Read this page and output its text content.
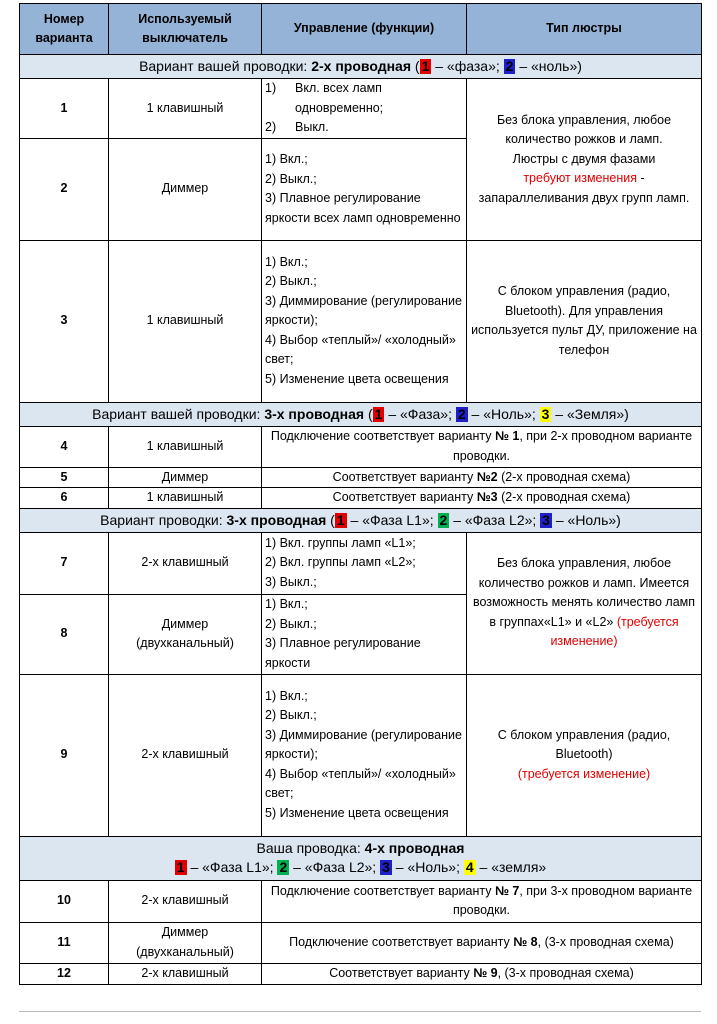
Номер варианта	Используемый выключатель	Управление (функции)	Тип люстры
Вариант вашей проводки: 2-х проводная ( 1 – «фаза»; 2 – «ноль»)			
1	1 клавишный	1) Вкл. всех ламп одновременно;
2) Выкл.	Без блока управления, любое количество рожков и ламп.
Люстры с двумя фазами
требуют изменения - запараллеливания двух групп ламп.
2	Диммер	1) Вкл.;
2) Выкл.;
3) Плавное регулирование яркости всех ламп одновременно	

3	1 клавишный	1) Вкл.;
2) Выкл.;
3) Диммирование (регулирование яркости);
4) Выбор «теплый»/ «холодный» свет;
5) Изменение цвета освещения	С блоком управления (радио, Bluetooth). Для управления используется пульт ДУ, приложение на телефон
Вариант вашей проводки: 3-х проводная ( 1 – «Фаза»; 2 – «Ноль»; 3 – «Земля»)			
4	1 клавишный	Подключение соответствует варианту № 1, при 2-х проводном варианте проводки.	
5	Диммер	Соответствует варианту №2 (2-х проводная схема)	
6	1 клавишный	Соответствует варианту №3 (2-х проводная схема)	
Вариант проводки: 3-х проводная ( 1 – «Фаза L1»; 2 – «Фаза L2»; 3 – «Ноль»)			
7	2-х клавишный	1) Вкл. группы ламп «L1»;
2) Вкл. группы ламп «L2»;
3) Выкл.;	Без блока управления, любое количество рожков и ламп. Имеется возможность менять количество ламп в группах«L1» и «L2» (требуется изменение)
8	Диммер (двухканальный)	1) Вкл.;
2) Выкл.;
3) Плавное регулирование яркости	

9	2-х клавишный	1) Вкл.;
2) Выкл.;
3) Диммирование (регулирование яркости);
4) Выбор «теплый»/ «холодный» свет;
5) Изменение цвета освещения	С блоком управления (радио, Bluetooth)
(требуется изменение)

Ваша проводка: 4-х проводная
1 – «Фаза L1»; 2 – «Фаза L2»; 3 – «Ноль»; 4 – «земля»			

10	2-х клавишный	Подключение соответствует варианту № 7, при 3-х проводном варианте проводки.	
11	Диммер (двухканальный)	Подключение соответствует варианту № 8, (3-х проводная схема)	
12	2-х клавишный	Соответствует варианту № 9, (3-х проводная схема)	
